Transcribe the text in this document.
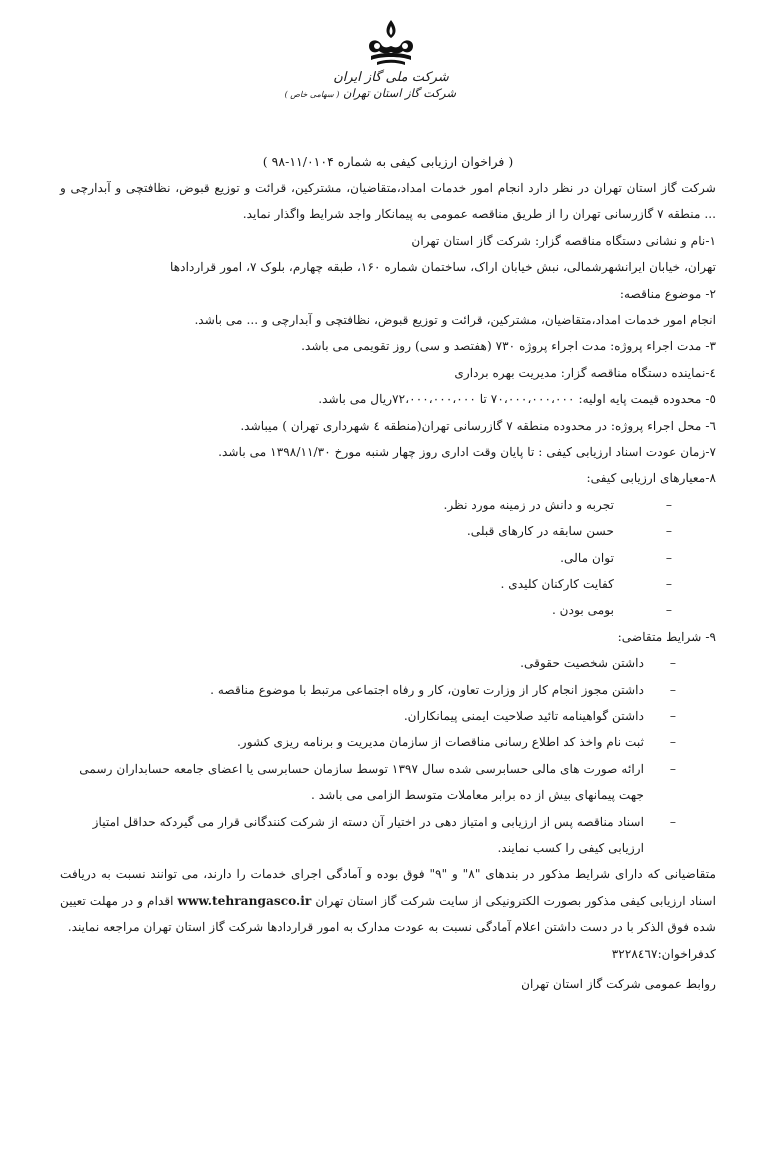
شرکت ملی گاز ایران
شرکت گاز استان تهران ( سهامی خاص )

( فراخوان ارزیابی کیفی به شماره ۱۱/۰۱۰۴-۹۸ )

شرکت گاز استان تهران در نظر دارد انجام امور خدمات امداد،متقاضیان، مشترکین، قرائت و توزیع قبوض، نظافتچی و آبدارچی و ... منطقه ۷ گازرسانی تهران را از طریق مناقصه عمومی به پیمانکار واجد شرایط واگذار نماید.

۱-نام و نشانی دستگاه مناقصه گزار: شرکت گاز استان تهران

تهران، خیابان ایرانشهرشمالی، نبش خیابان اراک، ساختمان شماره ۱۶۰، طبقه چهارم، بلوک ۷، امور قراردادها

۲- موضوع مناقصه:

انجام امور خدمات امداد،متقاضیان، مشترکین، قرائت و توزیع قبوض، نظافتچی و آبدارچی و ... می باشد.

۳- مدت اجراء پروژه: مدت اجراء پروژه ۷۳۰ (هفتصد و سی) روز تقویمی می باشد.

٤-نماینده دستگاه مناقصه گزار: مدیریت بهره برداری

٥- محدوده قیمت پایه اولیه: ۷۰،۰۰۰،۰۰۰،۰۰۰ تا ۷۲،۰۰۰،۰۰۰،۰۰۰ریال می باشد.

٦- محل اجراء پروژه: در محدوده منطقه ۷ گازرسانی تهران(منطقه ٤ شهرداری تهران ) میباشد.

۷-زمان عودت اسناد ارزیابی کیفی : تا پایان وقت اداری روز چهار شنبه مورخ ۱۳۹۸/۱۱/۳۰ می باشد.

۸-معیارهای ارزیابی کیفی:

–
تجربه و دانش در زمینه مورد نظر.
–
حسن سابقه در کارهای قبلی.
–
توان مالی.
–
کفایت کارکنان کلیدی .
–
بومی بودن .

۹- شرایط متقاضی:

–
داشتن شخصیت حقوقی.
–
داشتن مجوز انجام کار از وزارت تعاون، کار و رفاه اجتماعی مرتبط با موضوع مناقصه .
–
داشتن گواهینامه تائید صلاحیت ایمنی پیمانکاران.
–
ثبت نام واخذ کد اطلاع رسانی مناقصات از سازمان مدیریت و برنامه ریزی کشور.
–
ارائه صورت های مالی حسابرسی شده سال ۱۳۹۷ توسط سازمان حسابرسی یا اعضای جامعه حسابداران رسمی جهت پیمانهای بیش از ده برابر معاملات متوسط الزامی می باشد .
–
اسناد مناقصه پس از ارزیابی و امتیاز دهی در اختیار آن دسته از شرکت کنندگانی قرار می گیردکه حداقل امتیاز ارزیابی کیفی را کسب نمایند.

متقاضیانی که دارای شرایط مذکور در بندهای "۸" و "۹" فوق بوده و آمادگی اجرای خدمات را دارند، می توانند نسبت به دریافت اسناد ارزیابی کیفی مذکور بصورت الکترونیکی از سایت شرکت گاز استان تهران www.tehrangasco.ir اقدام و در مهلت تعیین شده فوق الذکر با در دست داشتن اعلام آمادگی نسبت به عودت مدارک به امور قراردادها شرکت گاز استان تهران مراجعه نمایند.

کدفراخوان:۳۲۲۸٤٦۷

روابط عمومی شرکت گاز استان تهران
